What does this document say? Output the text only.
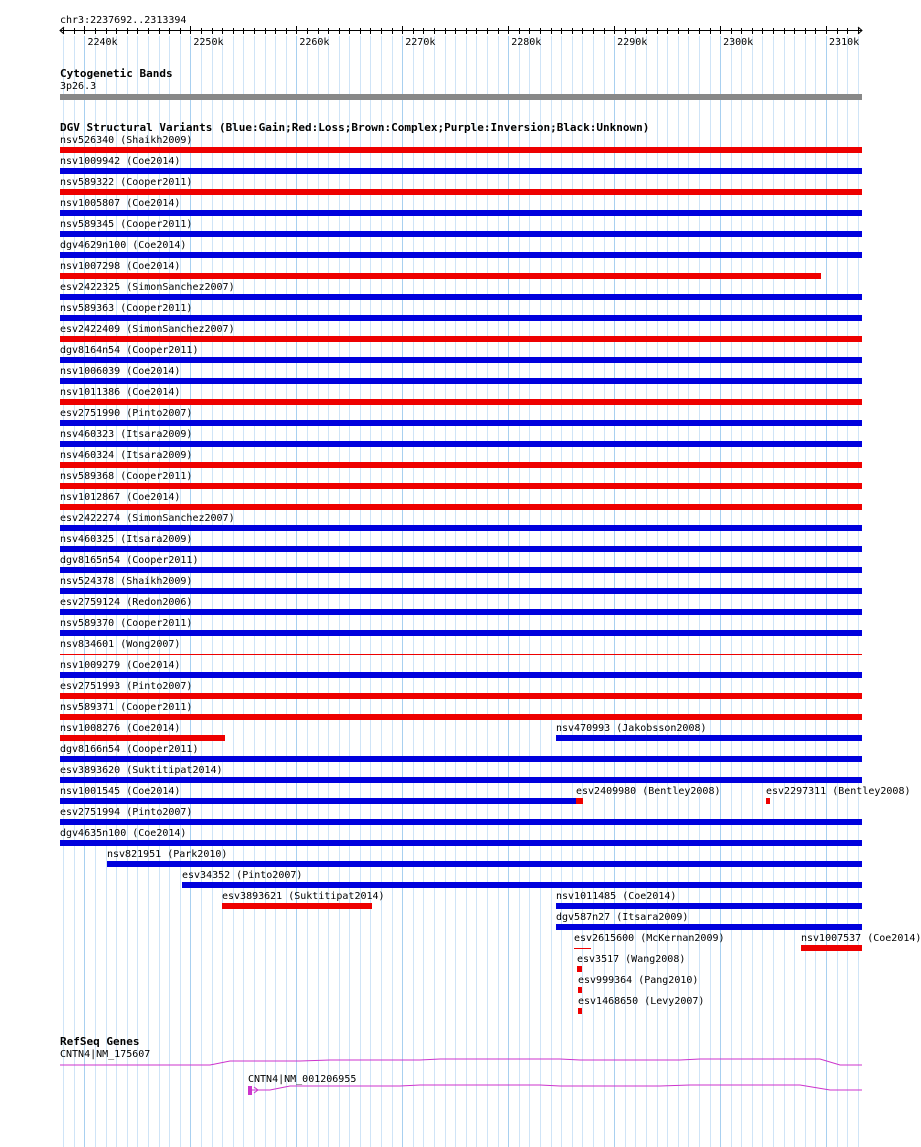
2240k	2250k	2260k	2270k	2280k	2290k	2300k	2310k
chr3:2237692..2313394
Cytogenetic Bands
3p26.3
DGV Structural Variants (Blue:Gain;Red:Loss;Brown:Complex;Purple:Inversion;Black:Unknown)
nsv526340 (Shaikh2009)
nsv1009942 (Coe2014)
nsv589322 (Cooper2011)
nsv1005807 (Coe2014)
nsv589345 (Cooper2011)
dgv4629n100 (Coe2014)
nsv1007298 (Coe2014)
esv2422325 (SimonSanchez2007)
nsv589363 (Cooper2011)
esv2422409 (SimonSanchez2007)
dgv8164n54 (Cooper2011)
nsv1006039 (Coe2014)
nsv1011386 (Coe2014)
esv2751990 (Pinto2007)
nsv460323 (Itsara2009)
nsv460324 (Itsara2009)
nsv589368 (Cooper2011)
nsv1012867 (Coe2014)
esv2422274 (SimonSanchez2007)
nsv460325 (Itsara2009)
dgv8165n54 (Cooper2011)
nsv524378 (Shaikh2009)
esv2759124 (Redon2006)
nsv589370 (Cooper2011)
nsv834601 (Wong2007)
nsv1009279 (Coe2014)
esv2751993 (Pinto2007)
nsv589371 (Cooper2011)
nsv1008276 (Coe2014)	nsv470993 (Jakobsson2008)
dgv8166n54 (Cooper2011)
esv3893620 (Suktitipat2014)
nsv1001545 (Coe2014)	esv2409980 (Bentley2008)	esv2297311 (Bentley2008)
esv2751994 (Pinto2007)
dgv4635n100 (Coe2014)
nsv821951 (Park2010)
esv34352 (Pinto2007)
esv3893621 (Suktitipat2014)	nsv1011485 (Coe2014)
dgv587n27 (Itsara2009)
esv2615600 (McKernan2009)	nsv1007537 (Coe2014)
esv3517 (Wang2008)
esv999364 (Pang2010)
esv1468650 (Levy2007)
RefSeq Genes
CNTN4|NM_175607
CNTN4|NM_001206955
